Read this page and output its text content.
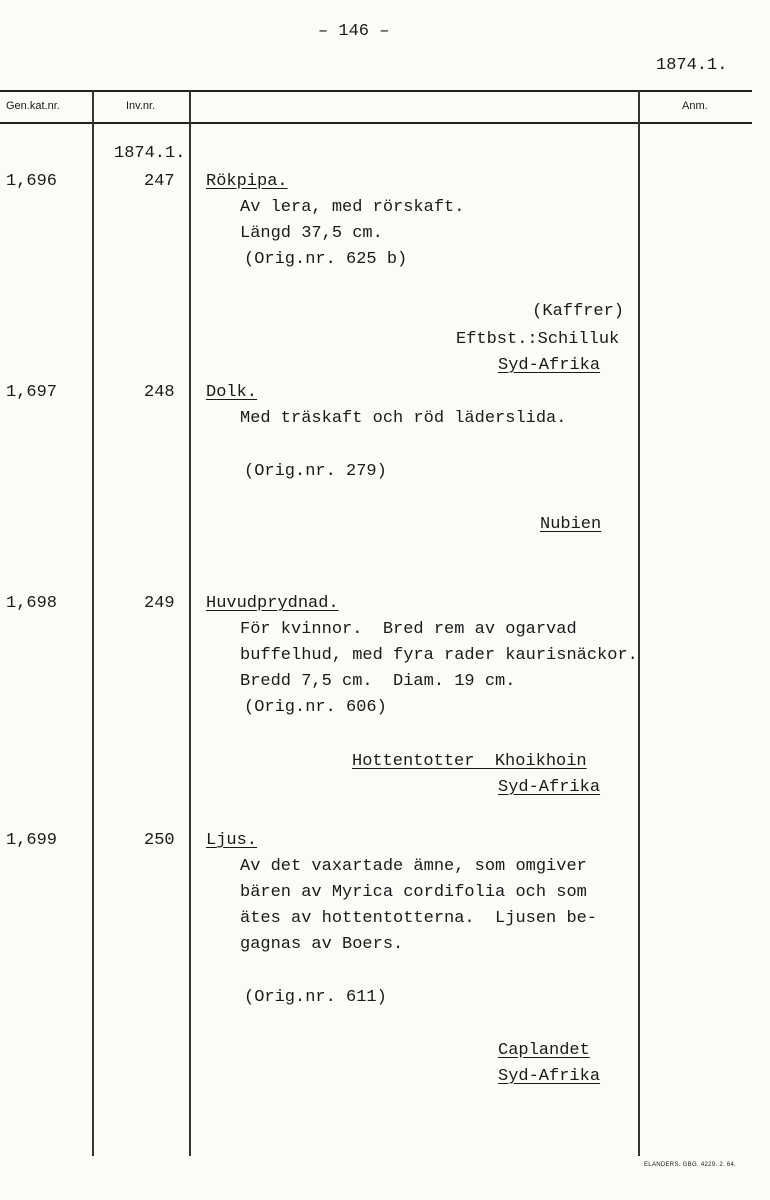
– 146 –
1874.1.
Gen.kat.nr.	Inv.nr.	Anm.
1874.1.
1,696	247 Rökpipa.
Av lera, med rörskaft.
Längd 37,5 cm.
(Orig.nr. 625 b)
(Kaffrer)
Eftbst.:Schilluk
Syd-Afrika
1,697	248 Dolk.
Med träskaft och röd läderslida.
(Orig.nr. 279)
Nubien
1,698	249 Huvudprydnad.
För kvinnor.  Bred rem av ogarvad
buffelhud, med fyra rader kaurisnäckor.
Bredd 7,5 cm.  Diam. 19 cm.
(Orig.nr. 606)
Hottentotter  Khoikhoin
Syd-Afrika
1,699	250 Ljus.
Av det vaxartade ämne, som omgiver
bären av Myrica cordifolia och som
ätes av hottentotterna.  Ljusen be-
gagnas av Boers.
(Orig.nr. 611)
Caplandet
Syd-Afrika
ELANDERS. GBG. 4229. 2. 64.
